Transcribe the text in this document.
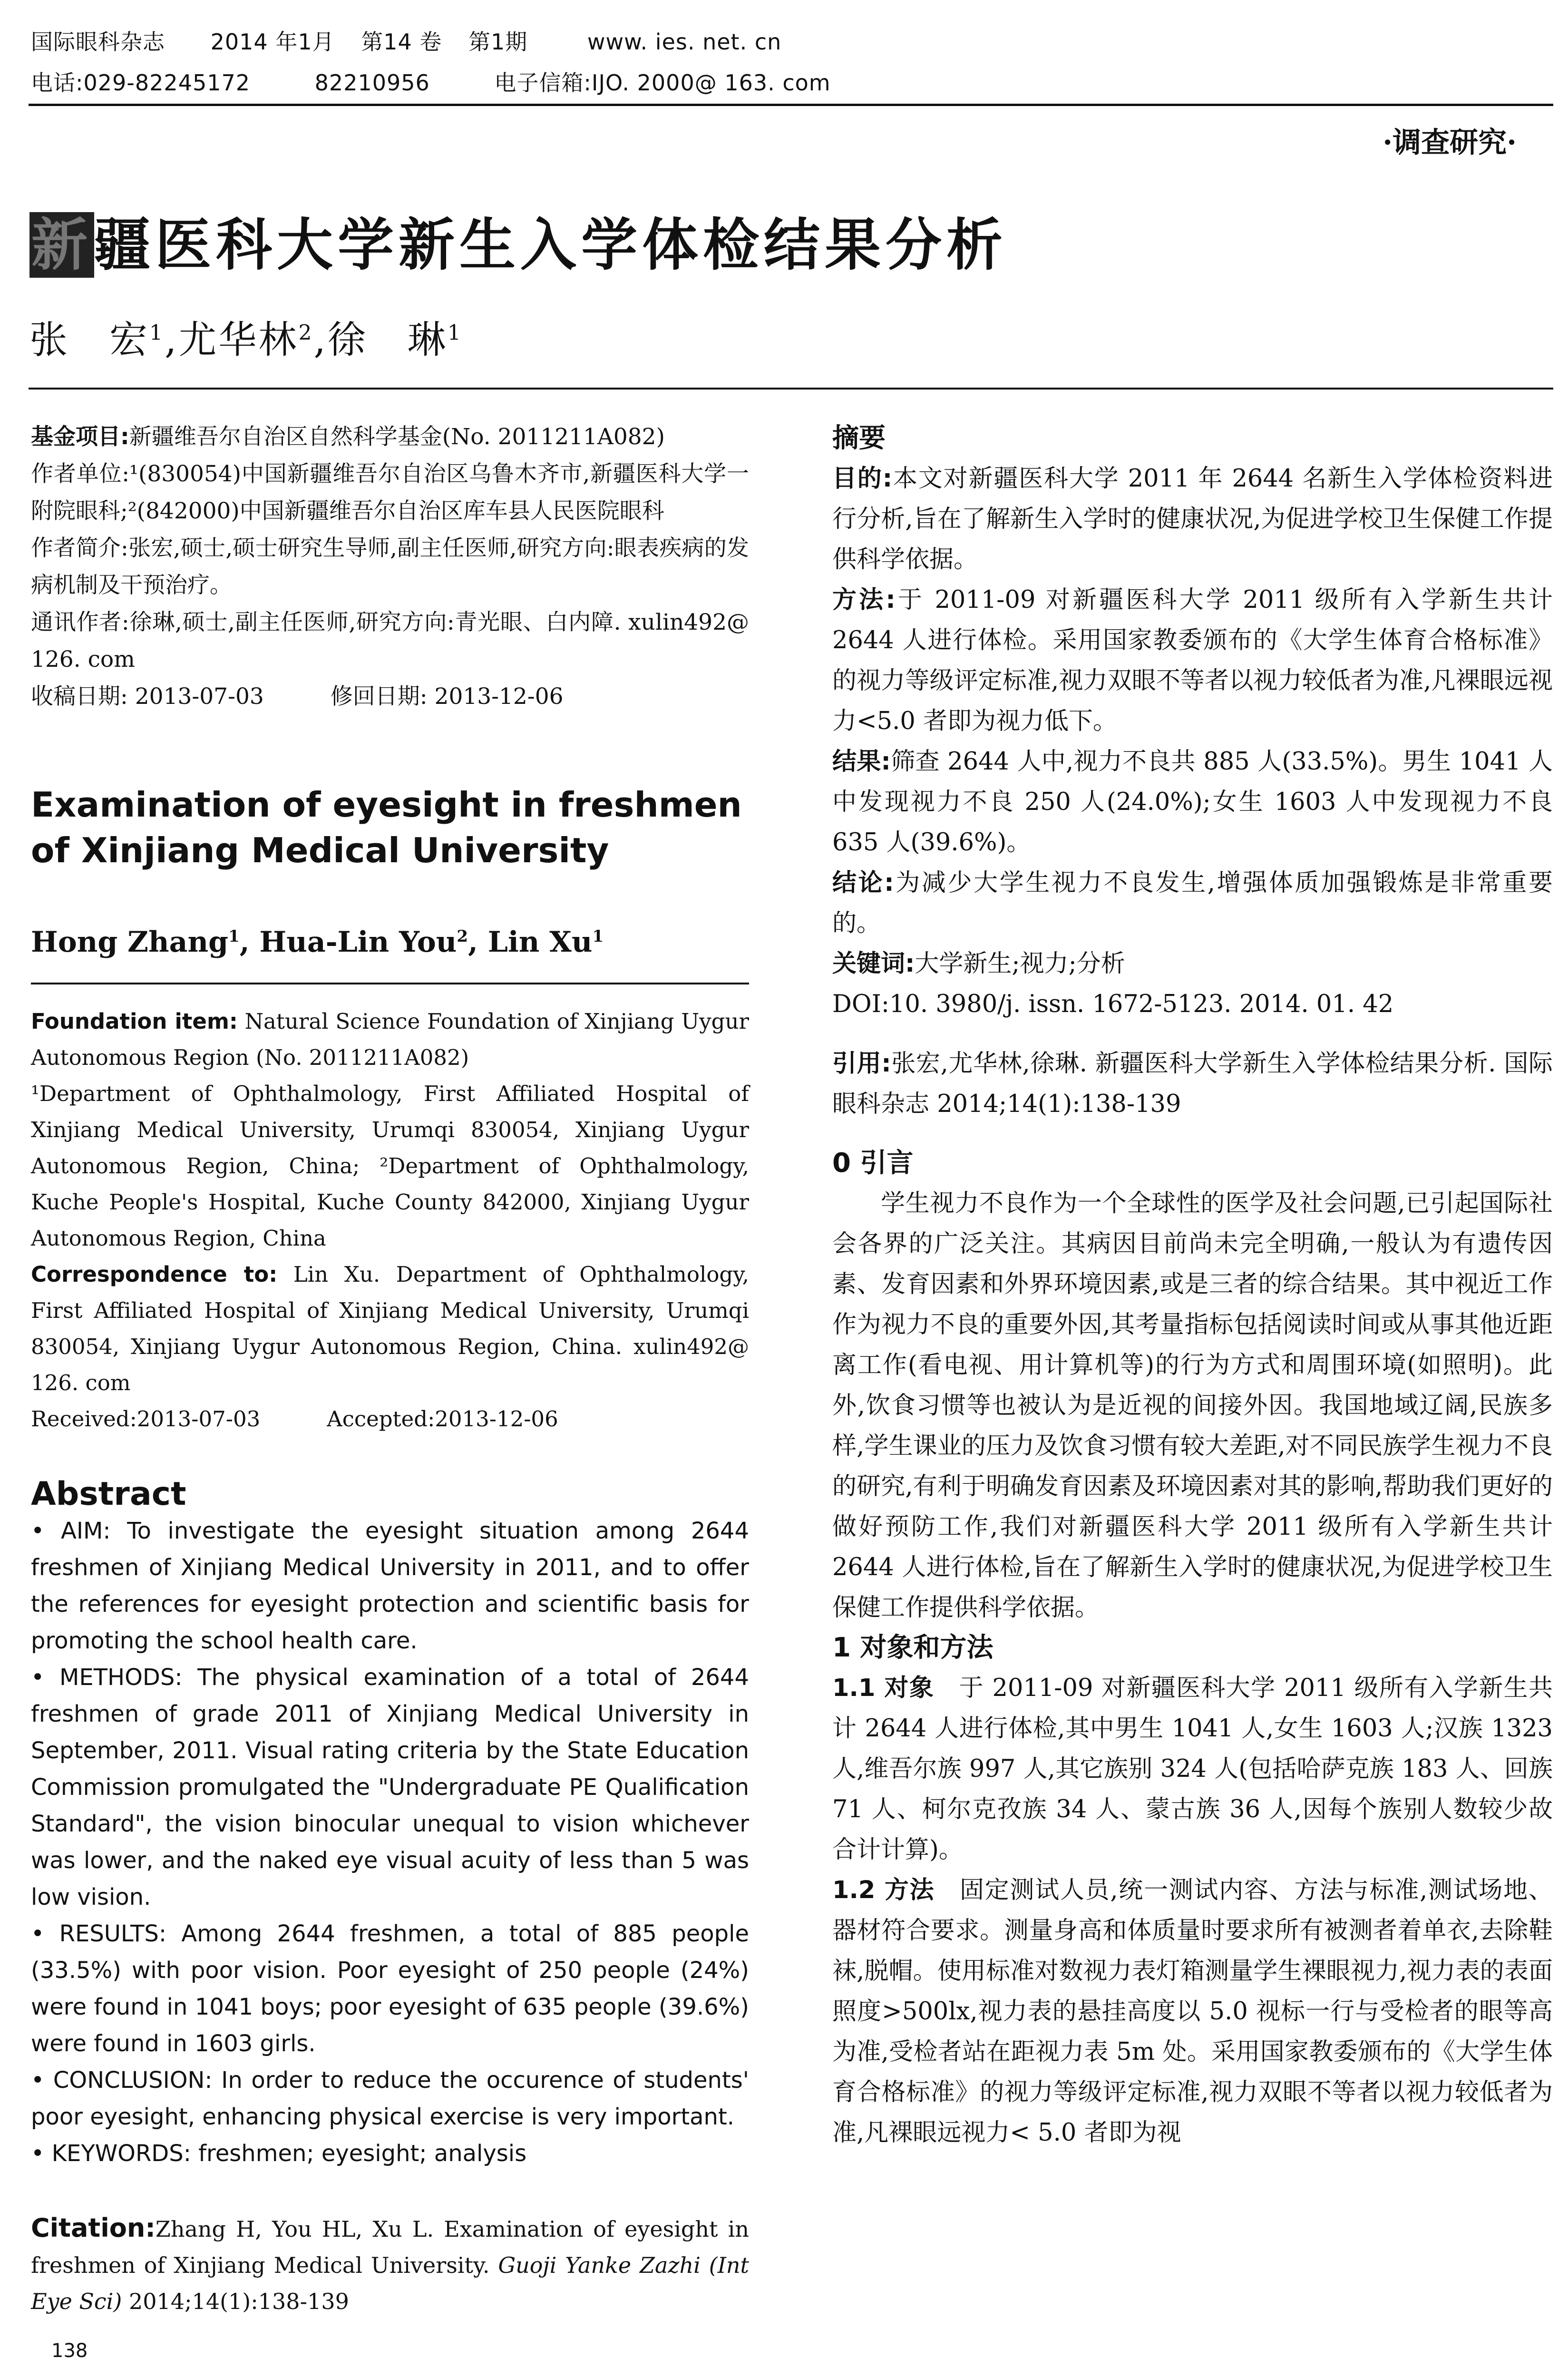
国际眼科杂志 2014 年1月 第14 卷 第1期	www. ies. net. cn
电话:029-82245172	82210956	电子信箱:IJO. 2000@ 163. com
·调查研究·
新疆医科大学新生入学体检结果分析
张　宏$^1$,尤华林$^2$,徐　琳$^1$

基金项目:新疆维吾尔自治区自然科学基金(No. 2011211A082)

作者单位:¹(830054)中国新疆维吾尔自治区乌鲁木齐市,新疆医科大学一附院眼科;²(842000)中国新疆维吾尔自治区库车县人民医院眼科

作者简介:张宏,硕士,硕士研究生导师,副主任医师,研究方向:眼表疾病的发病机制及干预治疗。

通讯作者:徐琳,硕士,副主任医师,研究方向:青光眼、白内障. xulin492@ 126. com

收稿日期: 2013-07-03	修回日期: 2013-12-06
Examination of eyesight in freshmen of Xinjiang Medical University
Hong Zhang$^1$, Hua-Lin You$^2$, Lin Xu$^1$

Foundation item: Natural Science Foundation of Xinjiang Uygur Autonomous Region (No. 2011211A082)

¹Department of Ophthalmology, First Affiliated Hospital of Xinjiang Medical University, Urumqi 830054, Xinjiang Uygur Autonomous Region, China; ²Department of Ophthalmology, Kuche People's Hospital, Kuche County 842000, Xinjiang Uygur Autonomous Region, China

Correspondence to: Lin Xu. Department of Ophthalmology, First Affiliated Hospital of Xinjiang Medical University, Urumqi 830054, Xinjiang Uygur Autonomous Region, China. xulin492@ 126. com

Received:2013-07-03	Accepted:2013-12-06
Abstract

• AIM: To investigate the eyesight situation among 2644 freshmen of Xinjiang Medical University in 2011, and to offer the references for eyesight protection and scientific basis for promoting the school health care.

• METHODS: The physical examination of a total of 2644 freshmen of grade 2011 of Xinjiang Medical University in September, 2011. Visual rating criteria by the State Education Commission promulgated the "Undergraduate PE Qualification Standard", the vision binocular unequal to vision whichever was lower, and the naked eye visual acuity of less than 5 was low vision.

• RESULTS: Among 2644 freshmen, a total of 885 people (33.5%) with poor vision. Poor eyesight of 250 people (24%) were found in 1041 boys; poor eyesight of 635 people (39.6%) were found in 1603 girls.

• CONCLUSION: In order to reduce the occurence of students' poor eyesight, enhancing physical exercise is very important.

• KEYWORDS: freshmen; eyesight; analysis

Citation:Zhang H, You HL, Xu L. Examination of eyesight in freshmen of Xinjiang Medical University. Guoji Yanke Zazhi (Int Eye Sci) 2014;14(1):138-139
138

摘要

目的:本文对新疆医科大学 2011 年 2644 名新生入学体检资料进行分析,旨在了解新生入学时的健康状况,为促进学校卫生保健工作提供科学依据。

方法:于 2011-09 对新疆医科大学 2011 级所有入学新生共计 2644 人进行体检。采用国家教委颁布的《大学生体育合格标准》的视力等级评定标准,视力双眼不等者以视力较低者为准,凡裸眼远视力<5.0 者即为视力低下。

结果:筛查 2644 人中,视力不良共 885 人(33.5%)。男生 1041 人中发现视力不良 250 人(24.0%);女生 1603 人中发现视力不良 635 人(39.6%)。

结论:为减少大学生视力不良发生,增强体质加强锻炼是非常重要的。

关键词:大学新生;视力;分析

DOI:10. 3980/j. issn. 1672-5123. 2014. 01. 42

引用:张宏,尤华林,徐琳. 新疆医科大学新生入学体检结果分析. 国际眼科杂志 2014;14(1):138-139

0 引言

学生视力不良作为一个全球性的医学及社会问题,已引起国际社会各界的广泛关注。其病因目前尚未完全明确,一般认为有遗传因素、发育因素和外界环境因素,或是三者的综合结果。其中视近工作作为视力不良的重要外因,其考量指标包括阅读时间或从事其他近距离工作(看电视、用计算机等)的行为方式和周围环境(如照明)。此外,饮食习惯等也被认为是近视的间接外因。我国地域辽阔,民族多样,学生课业的压力及饮食习惯有较大差距,对不同民族学生视力不良的研究,有利于明确发育因素及环境因素对其的影响,帮助我们更好的做好预防工作,我们对新疆医科大学 2011 级所有入学新生共计 2644 人进行体检,旨在了解新生入学时的健康状况,为促进学校卫生保健工作提供科学依据。

1 对象和方法

1.1 对象　于 2011-09 对新疆医科大学 2011 级所有入学新生共计 2644 人进行体检,其中男生 1041 人,女生 1603 人;汉族 1323 人,维吾尔族 997 人,其它族别 324 人(包括哈萨克族 183 人、回族 71 人、柯尔克孜族 34 人、蒙古族 36 人,因每个族别人数较少故合计计算)。

1.2 方法　固定测试人员,统一测试内容、方法与标准,测试场地、器材符合要求。测量身高和体质量时要求所有被测者着单衣,去除鞋袜,脱帽。使用标准对数视力表灯箱测量学生裸眼视力,视力表的表面照度>500lx,视力表的悬挂高度以 5.0 视标一行与受检者的眼等高为准,受检者站在距视力表 5m 处。采用国家教委颁布的《大学生体育合格标准》的视力等级评定标准,视力双眼不等者以视力较低者为准,凡裸眼远视力< 5.0 者即为视
